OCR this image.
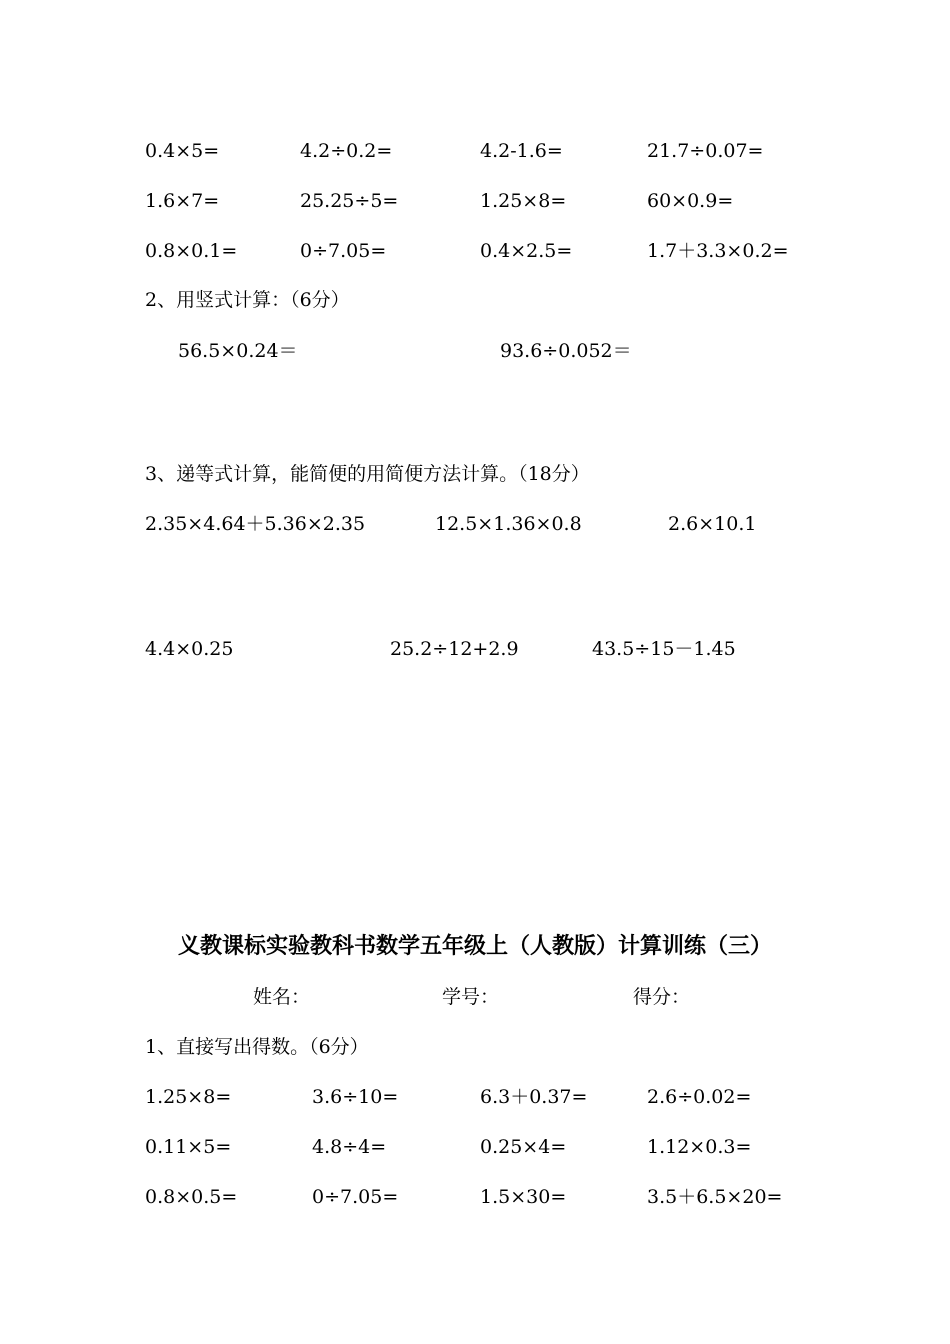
0.4×5=	4.2÷0.2=	4.2-1.6=	21.7÷0.07=
1.6×7=	25.25÷5=	1.25×8=	60×0.9=
0.8×0.1=	0÷7.05=	0.4×2.5=	1.7＋3.3×0.2=
2、用竖式计算：（6分）
56.5×0.24＝	93.6÷0.052＝
3、递等式计算，能简便的用简便方法计算。（18分）
2.35×4.64＋5.36×2.35	12.5×1.36×0.8	2.6×10.1
4.4×0.25	25.2÷12+2.9	43.5÷15－1.45
义教课标实验教科书数学五年级上（人教版）计算训练（三）
姓名：	学号：	得分：
1、直接写出得数。（6分）
1.25×8=	3.6÷10=	6.3＋0.37=	2.6÷0.02=
0.11×5=	4.8÷4=	0.25×4=	1.12×0.3=
0.8×0.5=	0÷7.05=	1.5×30=	3.5＋6.5×20=
